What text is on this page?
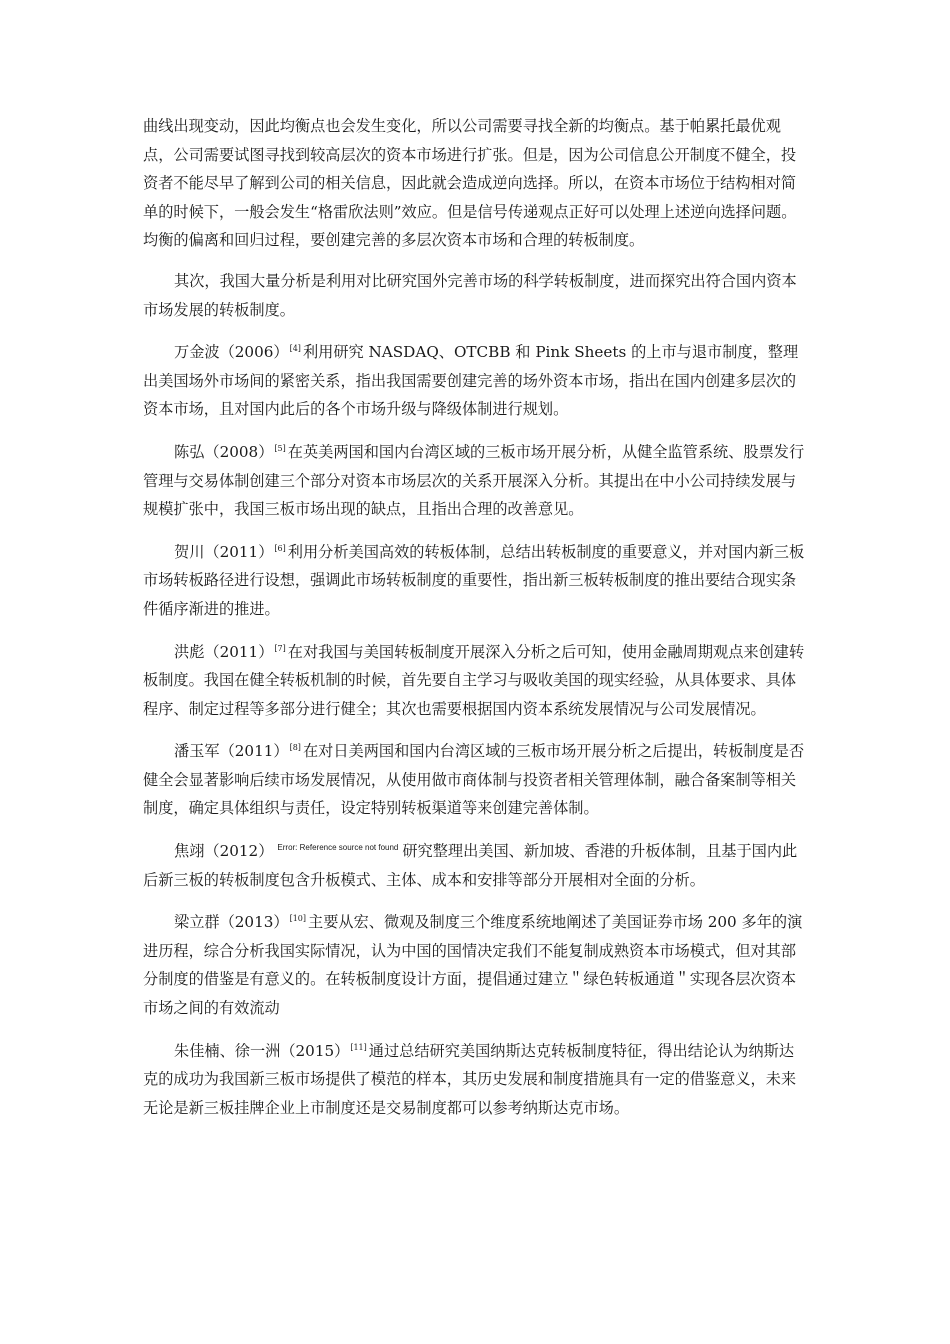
曲线出现变动，因此均衡点也会发生变化，所以公司需要寻找全新的均衡点。基于帕累托最优观点，公司需要试图寻找到较高层次的资本市场进行扩张。但是，因为公司信息公开制度不健全，投资者不能尽早了解到公司的相关信息，因此就会造成逆向选择。所以，在资本市场位于结构相对简单的时候下，一般会发生“格雷欣法则”效应。但是信号传递观点正好可以处理上述逆向选择问题。均衡的偏离和回归过程，要创建完善的多层次资本市场和合理的转板制度。

其次，我国大量分析是利用对比研究国外完善市场的科学转板制度，进而探究出符合国内资本市场发展的转板制度。

万金波（2006）[4] 利用研究 NASDAQ、OTCBB 和 Pink Sheets 的上市与退市制度，整理出美国场外市场间的紧密关系，指出我国需要创建完善的场外资本市场，指出在国内创建多层次的资本市场，且对国内此后的各个市场升级与降级体制进行规划。

陈弘（2008）[5] 在英美两国和国内台湾区域的三板市场开展分析，从健全监管系统、股票发行管理与交易体制创建三个部分对资本市场层次的关系开展深入分析。其提出在中小公司持续发展与规模扩张中，我国三板市场出现的缺点，且指出合理的改善意见。

贺川（2011）[6] 利用分析美国高效的转板体制，总结出转板制度的重要意义，并对国内新三板市场转板路径进行设想，强调此市场转板制度的重要性，指出新三板转板制度的推出要结合现实条件循序渐进的推进。

洪彪（2011）[7] 在对我国与美国转板制度开展深入分析之后可知，使用金融周期观点来创建转板制度。我国在健全转板机制的时候，首先要自主学习与吸收美国的现实经验，从具体要求、具体程序、制定过程等多部分进行健全；其次也需要根据国内资本系统发展情况与公司发展情况。

潘玉军（2011）[8] 在对日美两国和国内台湾区域的三板市场开展分析之后提出，转板制度是否健全会显著影响后续市场发展情况，从使用做市商体制与投资者相关管理体制，融合备案制等相关制度，确定具体组织与责任，设定特别转板渠道等来创建完善体制。

焦翊（2012） $^{Error: Reference source not found}$ 研究整理出美国、新加坡、香港的升板体制，且基于国内此后新三板的转板制度包含升板模式、主体、成本和安排等部分开展相对全面的分析。

梁立群（2013）[10] 主要从宏、微观及制度三个维度系统地阐述了美国证券市场 200 多年的演进历程，综合分析我国实际情况，认为中国的国情决定我们不能复制成熟资本市场模式，但对其部分制度的借鉴是有意义的。在转板制度设计方面，提倡通过建立＂绿色转板通道＂实现各层次资本市场之间的有效流动

朱佳楠、徐一洲（2015）[11] 通过总结研究美国纳斯达克转板制度特征，得出结论认为纳斯达克的成功为我国新三板市场提供了模范的样本，其历史发展和制度措施具有一定的借鉴意义，未来无论是新三板挂牌企业上市制度还是交易制度都可以参考纳斯达克市场。
